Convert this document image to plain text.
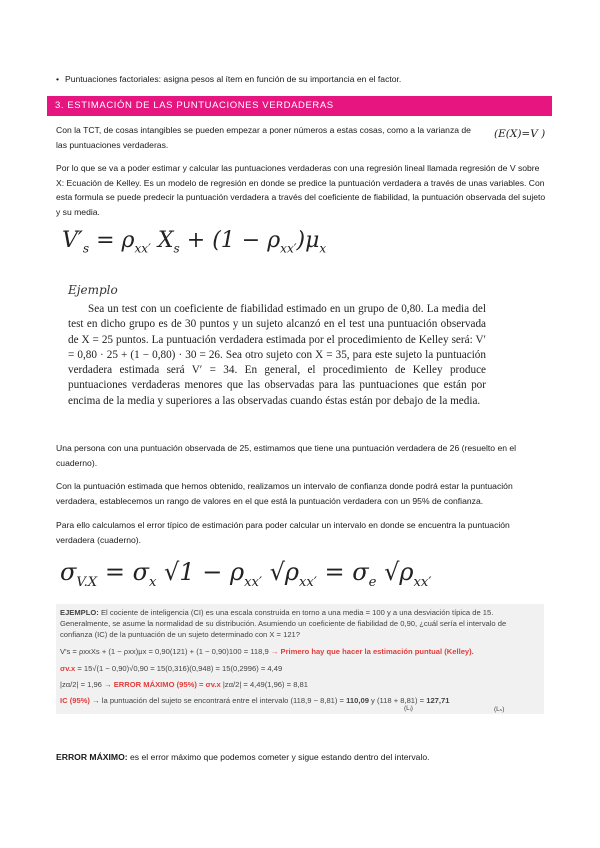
• Puntuaciones factoriales: asigna pesos al ítem en función de su importancia en el factor.
3. ESTIMACIÓN DE LAS PUNTUACIONES VERDADERAS
Con la TCT, de cosas intangibles se pueden empezar a poner números a estas cosas, como a la varianza de las puntuaciones verdaderas.
(E(X)=V )
Por lo que se va a poder estimar y calcular las puntuaciones verdaderas con una regresión lineal llamada regresión de V sobre X: Ecuación de Kelley. Es un modelo de regresión en donde se predice la puntuación verdadera a través de unas variables. Con esta formula se puede predecir la puntuación verdadera a través del coeficiente de fiabilidad, la puntuación observada del sujeto y su media.
$V'_s = \rho_{xx'}$ $X_s + (1 - \rho_{xx'})\mu_x$
Ejemplo
Sea un test con un coeficiente de fiabilidad estimado en un grupo de 0,80. La media del test en dicho grupo es de 30 puntos y un sujeto alcanzó en el test una puntuación observada de X = 25 puntos. La puntuación verdadera estimada por el procedimiento de Kelley será: V′ = 0,80 · 25 + (1 − 0,80) · 30 = 26. Sea otro sujeto con X = 35, para este sujeto la puntuación verdadera estimada será V′ = 34. En general, el procedimiento de Kelley produce puntuaciones verdaderas menores que las observadas para las puntuaciones que están por encima de la media y superiores a las observadas cuando éstas están por debajo de la media.
Una persona con una puntuación observada de 25, estimamos que tiene una puntuación verdadera de 26 (resuelto en el cuaderno).
Con la puntuación estimada que hemos obtenido, realizamos un intervalo de confianza donde podrá estar la puntuación verdadera, establecemos un rango de valores en el que está la puntuación verdadera con un 95% de confianza.
Para ello calculamos el error típico de estimación para poder calcular un intervalo en donde se encuentra la puntuación verdadera (cuaderno).
$\sigma_{V.X} = \sigma_x$ $√1 - \rho_{xx'}$ $√\rho_{xx'} = \sigma_e$ $√\rho_{xx'}$
EJEMPLO: El cociente de inteligencia (CI) es una escala construida en torno a una media = 100 y a una desviación típica de 15.
Generalmente, se asume la normalidad de su distribución. Asumiendo un coeficiente de fiabilidad de 0,90, ¿cuál sería el intervalo de
confianza (IC) de la puntuación de un sujeto determinado con X = 121?
V′s = ρxxXs + (1 − ρxx)μx = 0,90(121) + (1 − 0,90)100 = 118,9 → Primero hay que hacer la estimación puntual (Kelley).
σv.x = 15√(1 − 0,90)√0,90 = 15(0,316)(0,948) = 15(0,2996) = 4,49
|zα/2| = 1,96 → ERROR MÁXIMO (95%) = σv.x |zα/2| = 4,49(1,96) = 8,81
IC (95%) → la puntuación del sujeto se encontrará entre el intervalo (118,9 − 8,81) = 110,09 y (118 + 8,81) = 127,71
(Lᵢ)	(Lₛ)
ERROR MÁXIMO: es el error máximo que podemos cometer y sigue estando dentro del intervalo.
